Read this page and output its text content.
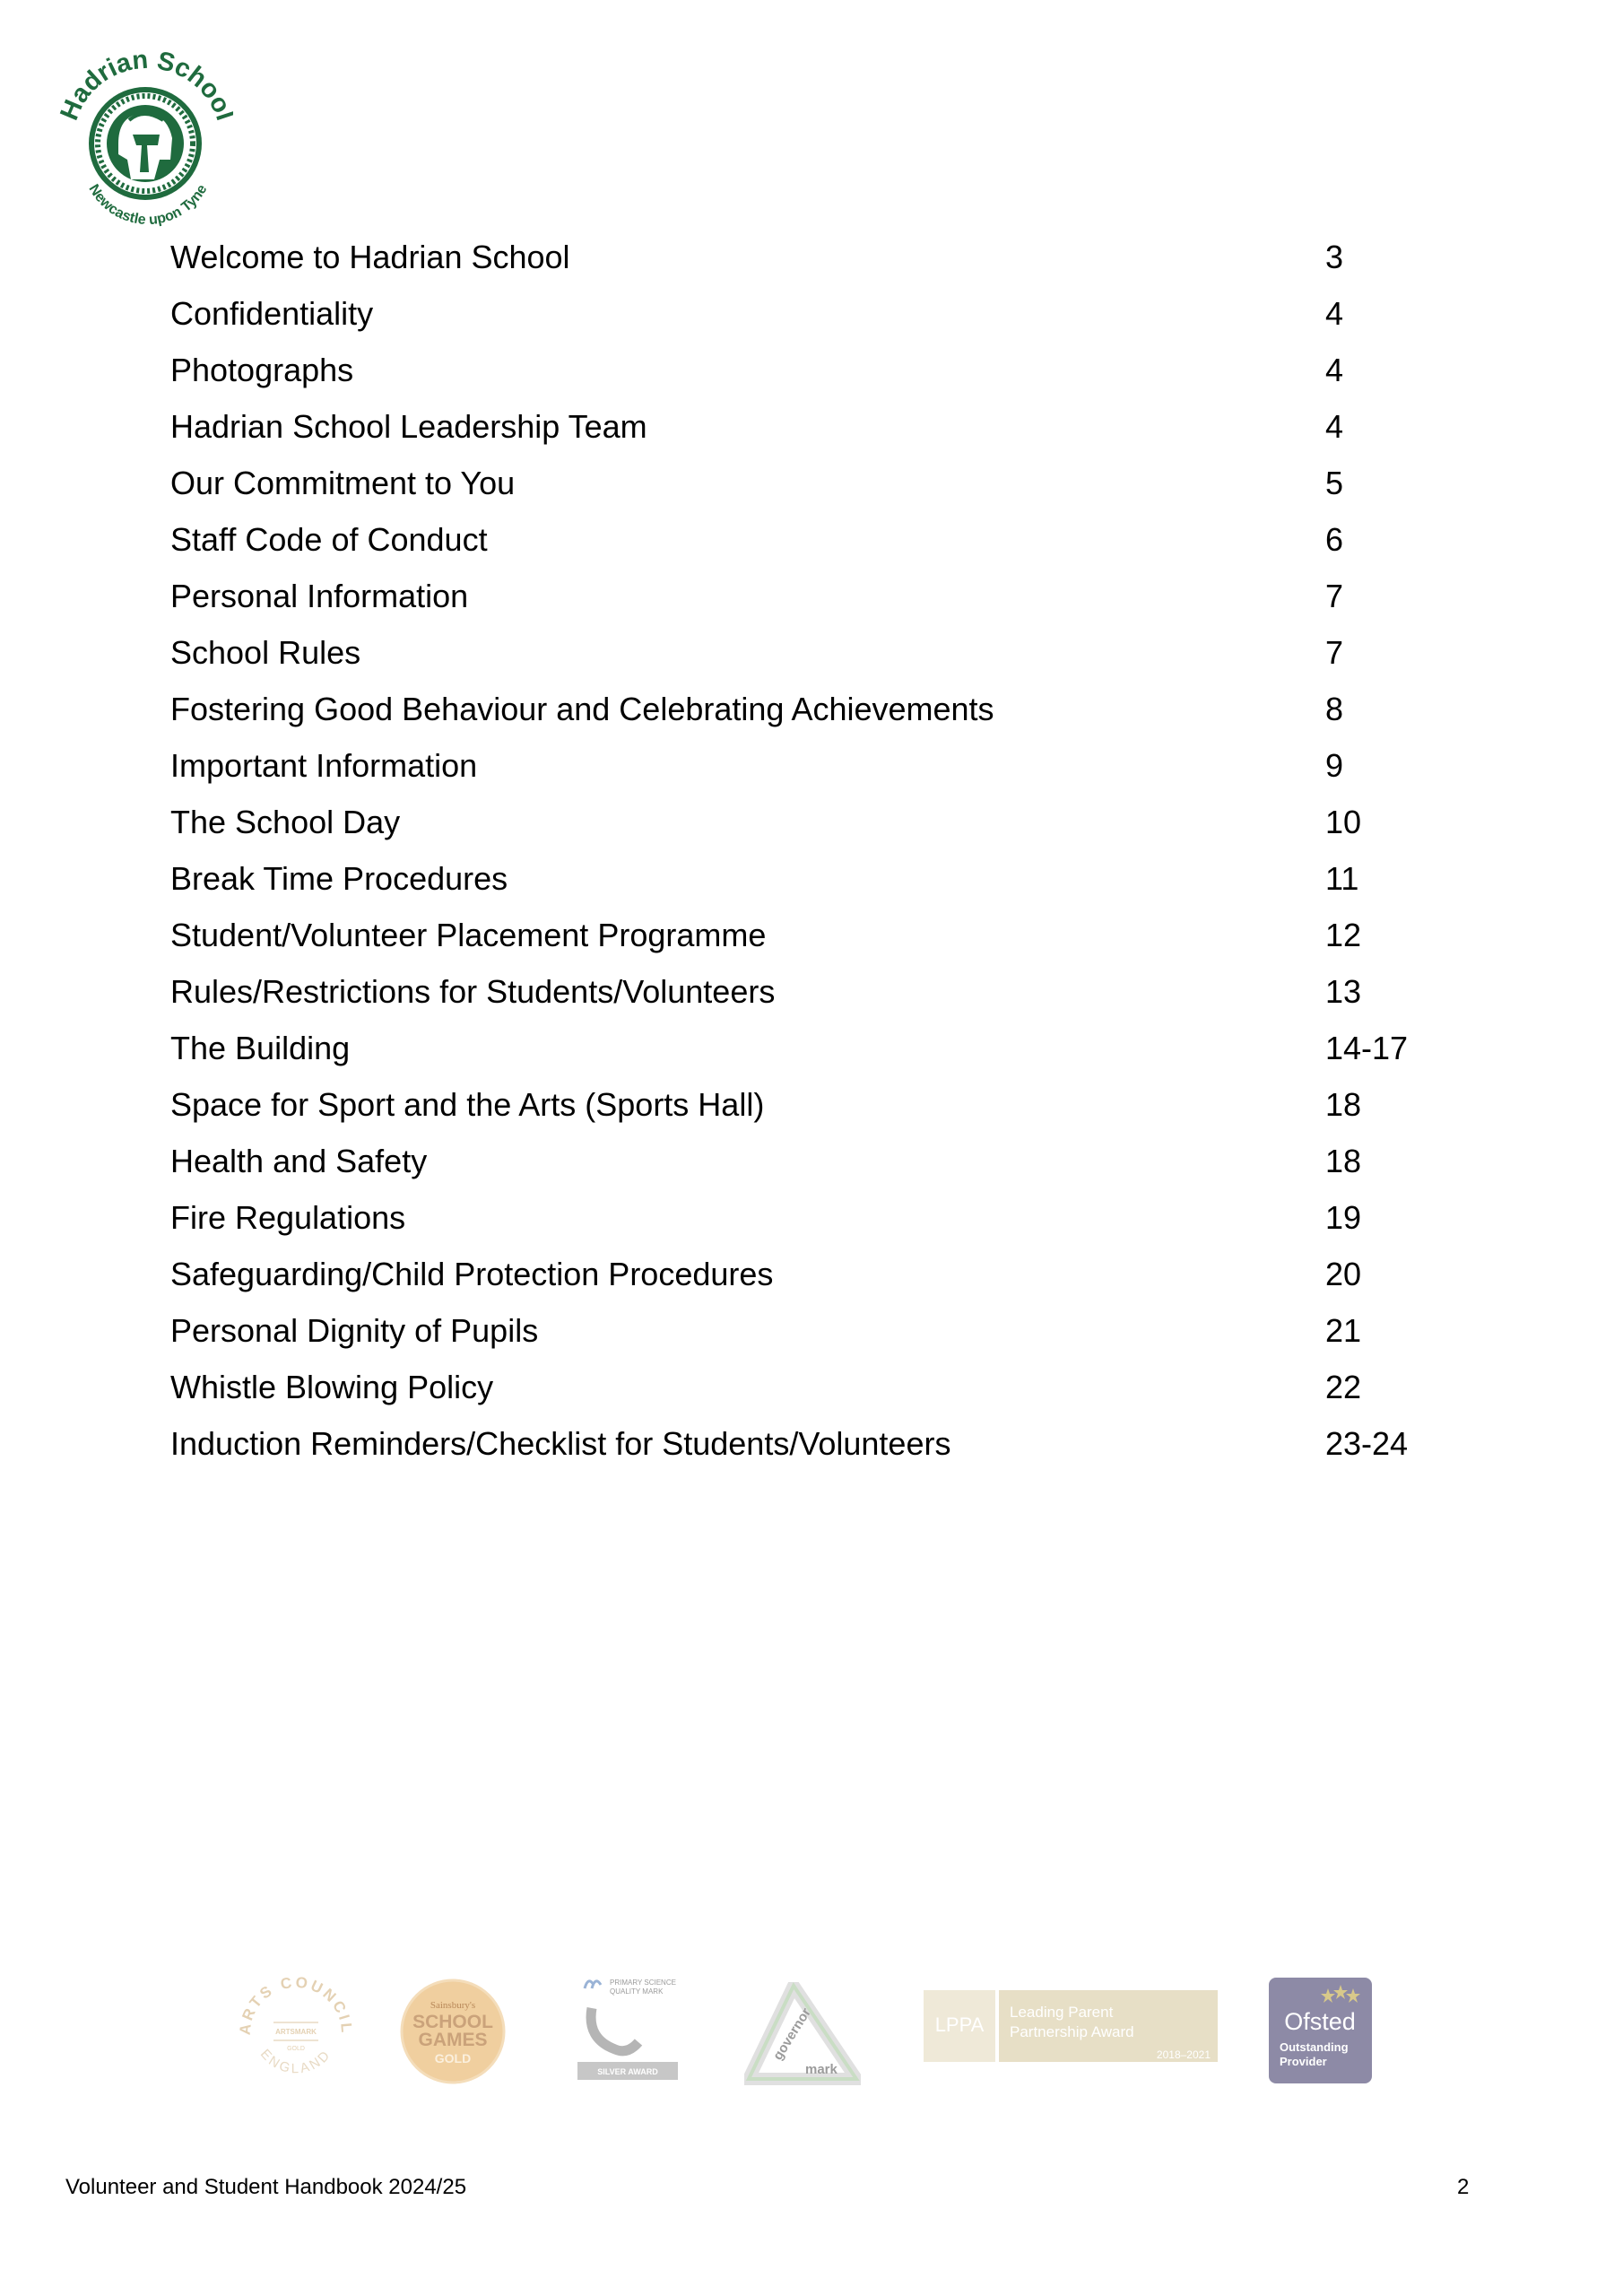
Hadrian Schoo
Newcastle upon Tyne
Welcome to Hadrian School	3
Confidentiality	4
Photographs	4
Hadrian School Leadership Team	4
Our Commitment to You	5
Staff Code of Conduct	6
Personal Information	7
School Rules	7
Fostering Good Behaviour and Celebrating Achievements	8
Important Information	9
The School Day	10
Break Time Procedures	11
Student/Volunteer Placement Programme	12
Rules/Restrictions for Students/Volunteers	13
The Building	14-17
Space for Sport and the Arts (Sports Hall)	18
Health and Safety	18
Fire Regulations	19
Safeguarding/Child Protection Procedures	20
Personal Dignity of Pupils	21
Whistle Blowing Policy	22
Induction Reminders/Checklist for Students/Volunteers	23-24
ARTS COUNCIL
ENGLAND
ARTSMARK
GOLD
Sainsbury's
SCHOOL
GAMES
GOLD
PRIMARY SCIENCE
QUALITY MARK
SILVER AWARD
governor
mark
LPPA
Leading Parent
Partnership Award
2018–2021
Ofsted
Outstanding
Provider
Volunteer and Student Handbook 2024/25	2
